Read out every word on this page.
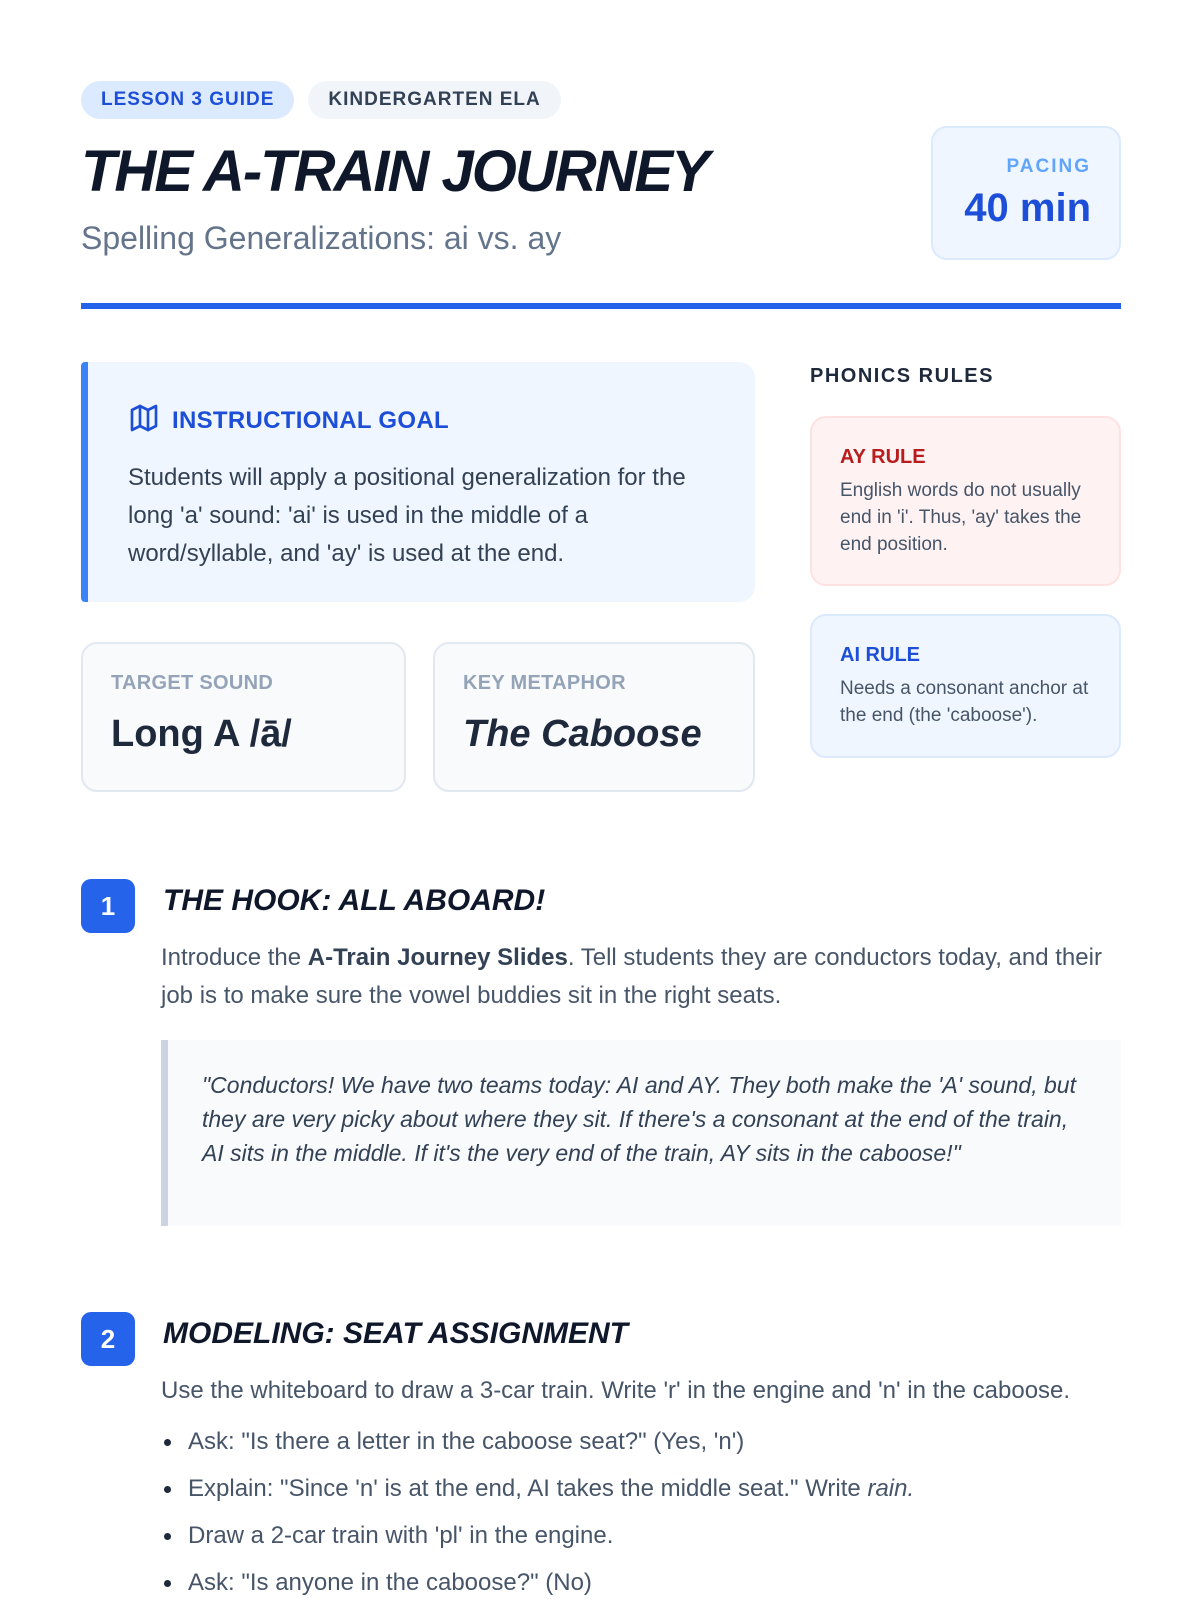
LESSON 3 GUIDE	KINDERGARTEN ELA
THE A-TRAIN JOURNEY
Spelling Generalizations: ai vs. ay
PACING
40 min
INSTRUCTIONAL GOAL
Students will apply a positional generalization for the long 'a' sound: 'ai' is used in the middle of a word/syllable, and 'ay' is used at the end.
TARGET SOUND
Long A /ā/
KEY METAPHOR
The Caboose
PHONICS RULES
AY RULE
English words do not usually end in 'i'. Thus, 'ay' takes the end position.
AI RULE
Needs a consonant anchor at the end (the 'caboose').
1	THE HOOK: ALL ABOARD!
Introduce the A-Train Journey Slides. Tell students they are conductors today, and their job is to make sure the vowel buddies sit in the right seats.
"Conductors! We have two teams today: AI and AY. They both make the 'A' sound, but they are very picky about where they sit. If there's a consonant at the end of the train, AI sits in the middle. If it's the very end of the train, AY sits in the caboose!"
2	MODELING: SEAT ASSIGNMENT
Use the whiteboard to draw a 3-car train. Write 'r' in the engine and 'n' in the caboose.
Ask: "Is there a letter in the caboose seat?" (Yes, 'n')
Explain: "Since 'n' is at the end, AI takes the middle seat." Write rain.
Draw a 2-car train with 'pl' in the engine.
Ask: "Is anyone in the caboose?" (No)
